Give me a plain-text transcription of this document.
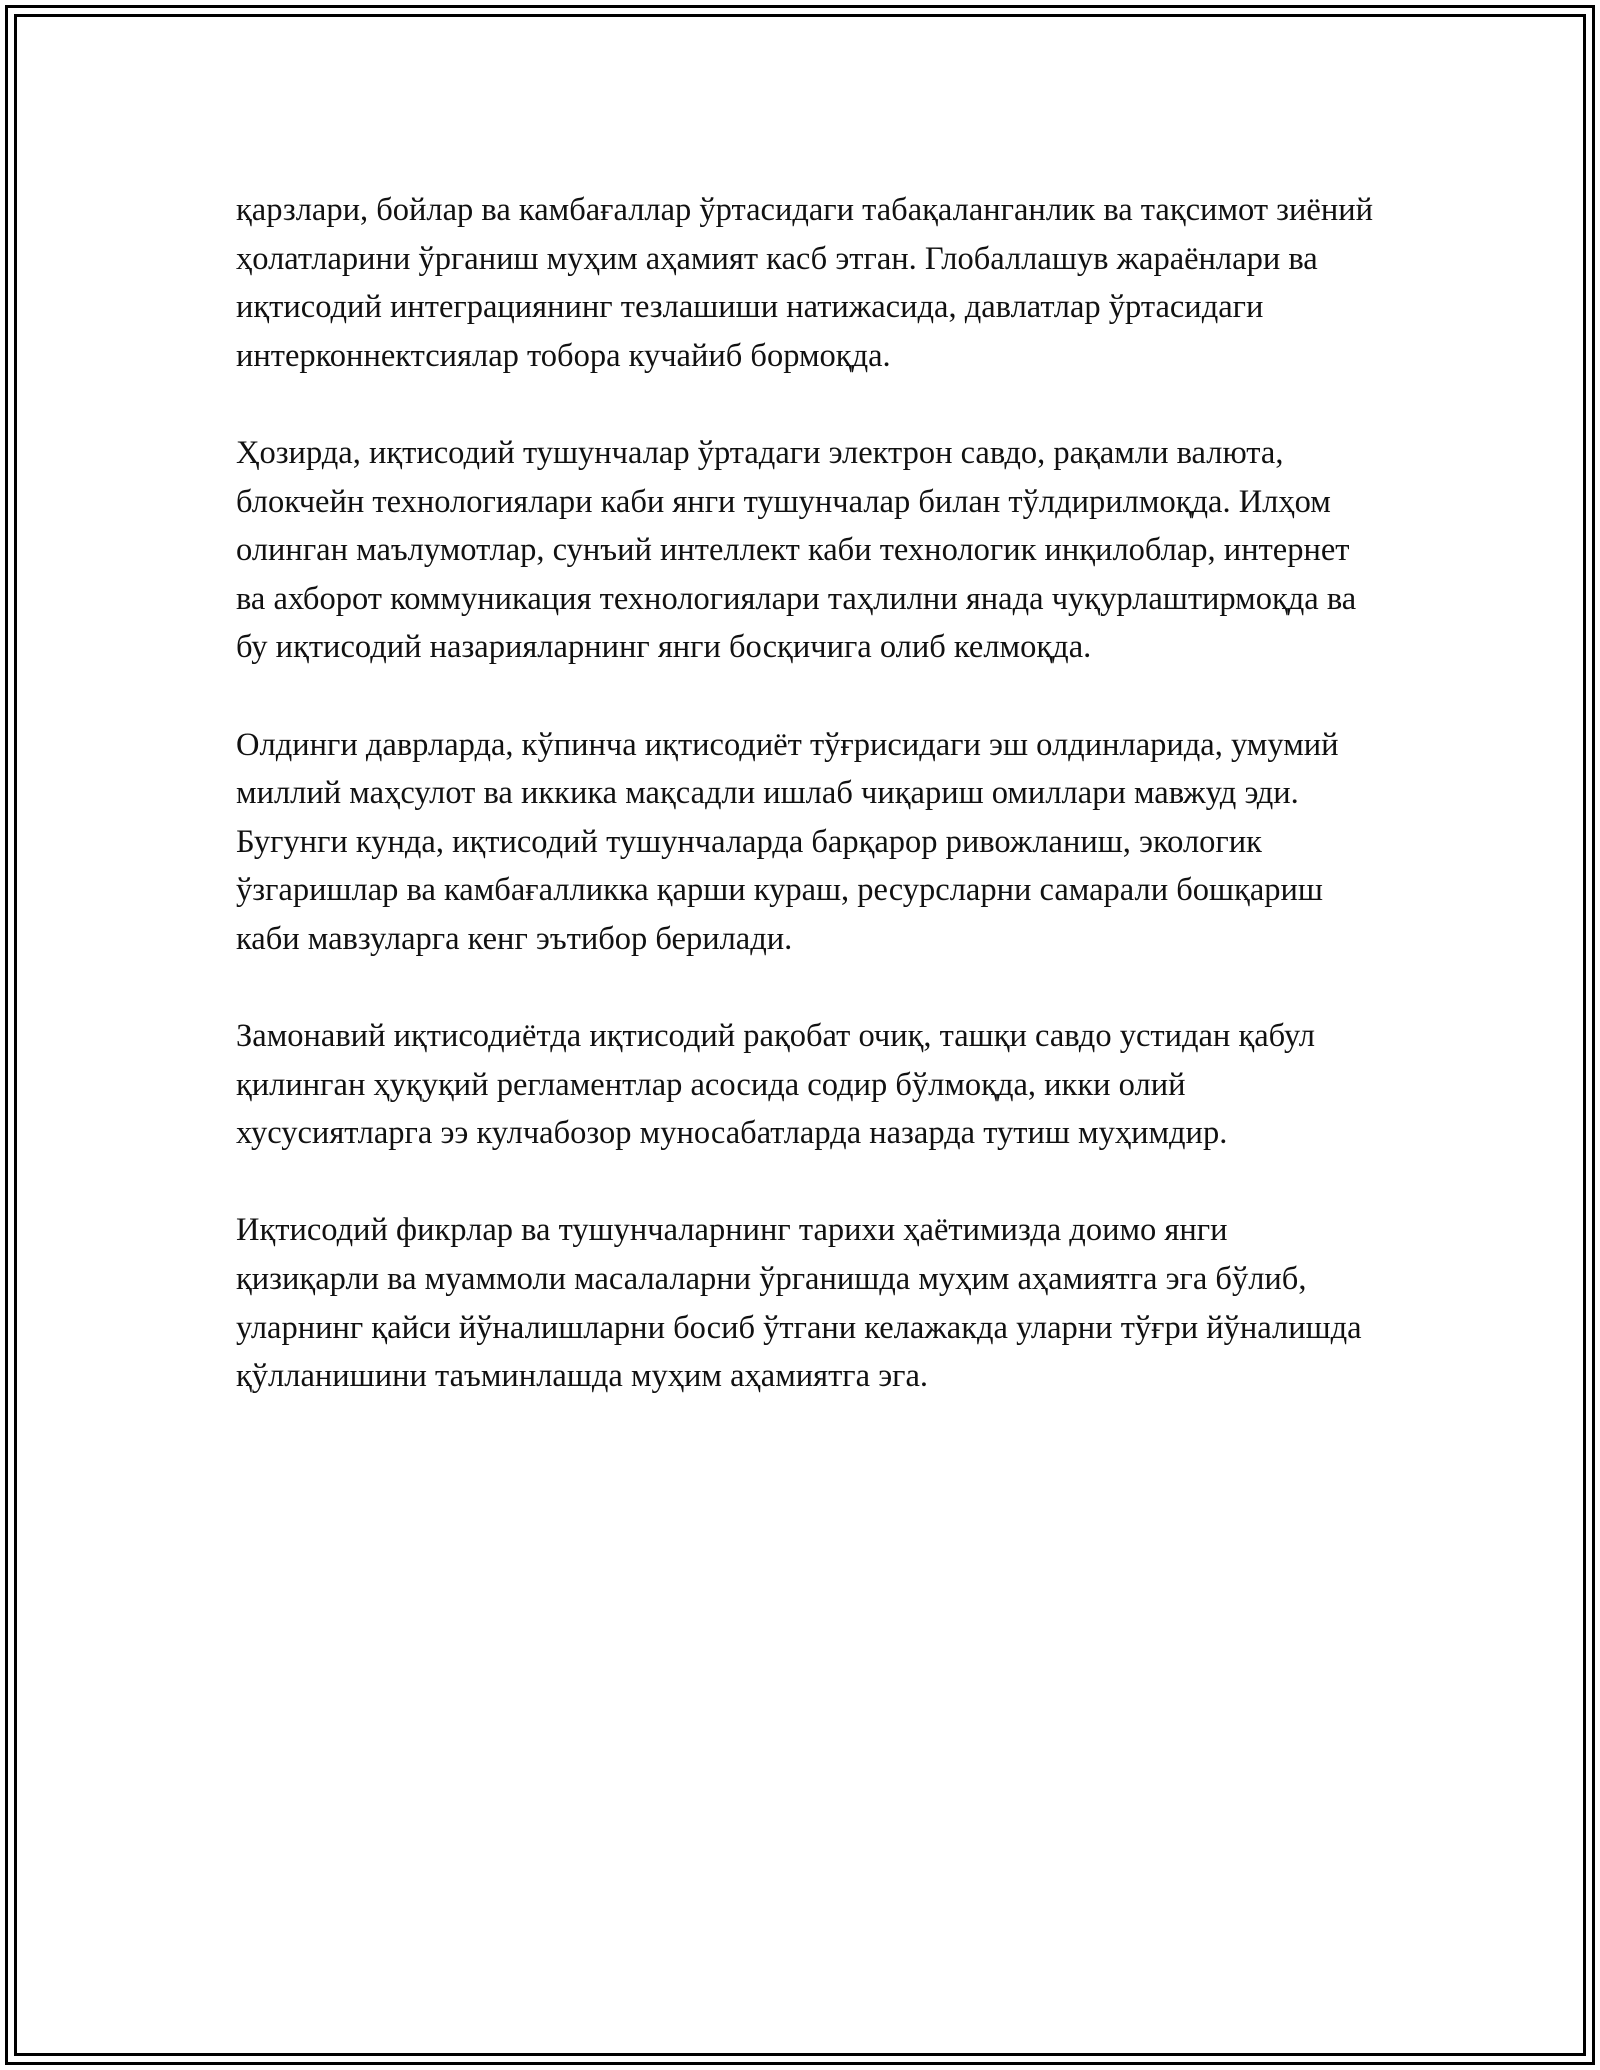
қарзлари, бойлар ва камбағаллар ўртасидаги табақаланганлик ва тақсимот зиёний ҳолатларини ўрганиш муҳим аҳамият касб этган. Глобаллашув жараёнлари ва иқтисодий интеграциянинг тезлашиши натижасида, давлатлар ўртасидаги интерконнектсиялар тобора кучайиб бормоқда.

Ҳозирда, иқтисодий тушунчалар ўртадаги электрон савдо, рақамли валюта, блокчейн технологиялари каби янги тушунчалар билан тўлдирилмоқда. Илҳом олинган маълумотлар, сунъий интеллект каби технологик инқилоблар, интернет ва ахборот коммуникация технологиялари таҳлилни янада чуқурлаштирмоқда ва бу иқтисодий назарияларнинг янги босқичига олиб келмоқда.

Олдинги даврларда, кўпинча иқтисодиёт тўғрисидаги эш олдинларида, умумий миллий маҳсулот ва иккика мақсадли ишлаб чиқариш омиллари мавжуд эди. Бугунги кунда, иқтисодий тушунчаларда барқарор ривожланиш, экологик ўзгаришлар ва камбағалликка қарши кураш, ресурсларни самарали бошқариш каби мавзуларга кенг эътибор берилади.

Замонавий иқтисодиётда иқтисодий рақобат очиқ, ташқи савдо устидан қабул қилинган ҳуқуқий регламентлар асосида содир бўлмоқда, икки олий хусусиятларга ээ кулчабозор муносабатларда назарда тутиш муҳимдир.

Иқтисодий фикрлар ва тушунчаларнинг тарихи ҳаётимизда доимо янги қизиқарли ва муаммоли масалаларни ўрганишда муҳим аҳамиятга эга бўлиб, уларнинг қайси йўналишларни босиб ўтгани келажакда уларни тўғри йўналишда қўлланишини таъминлашда муҳим аҳамиятга эга.
